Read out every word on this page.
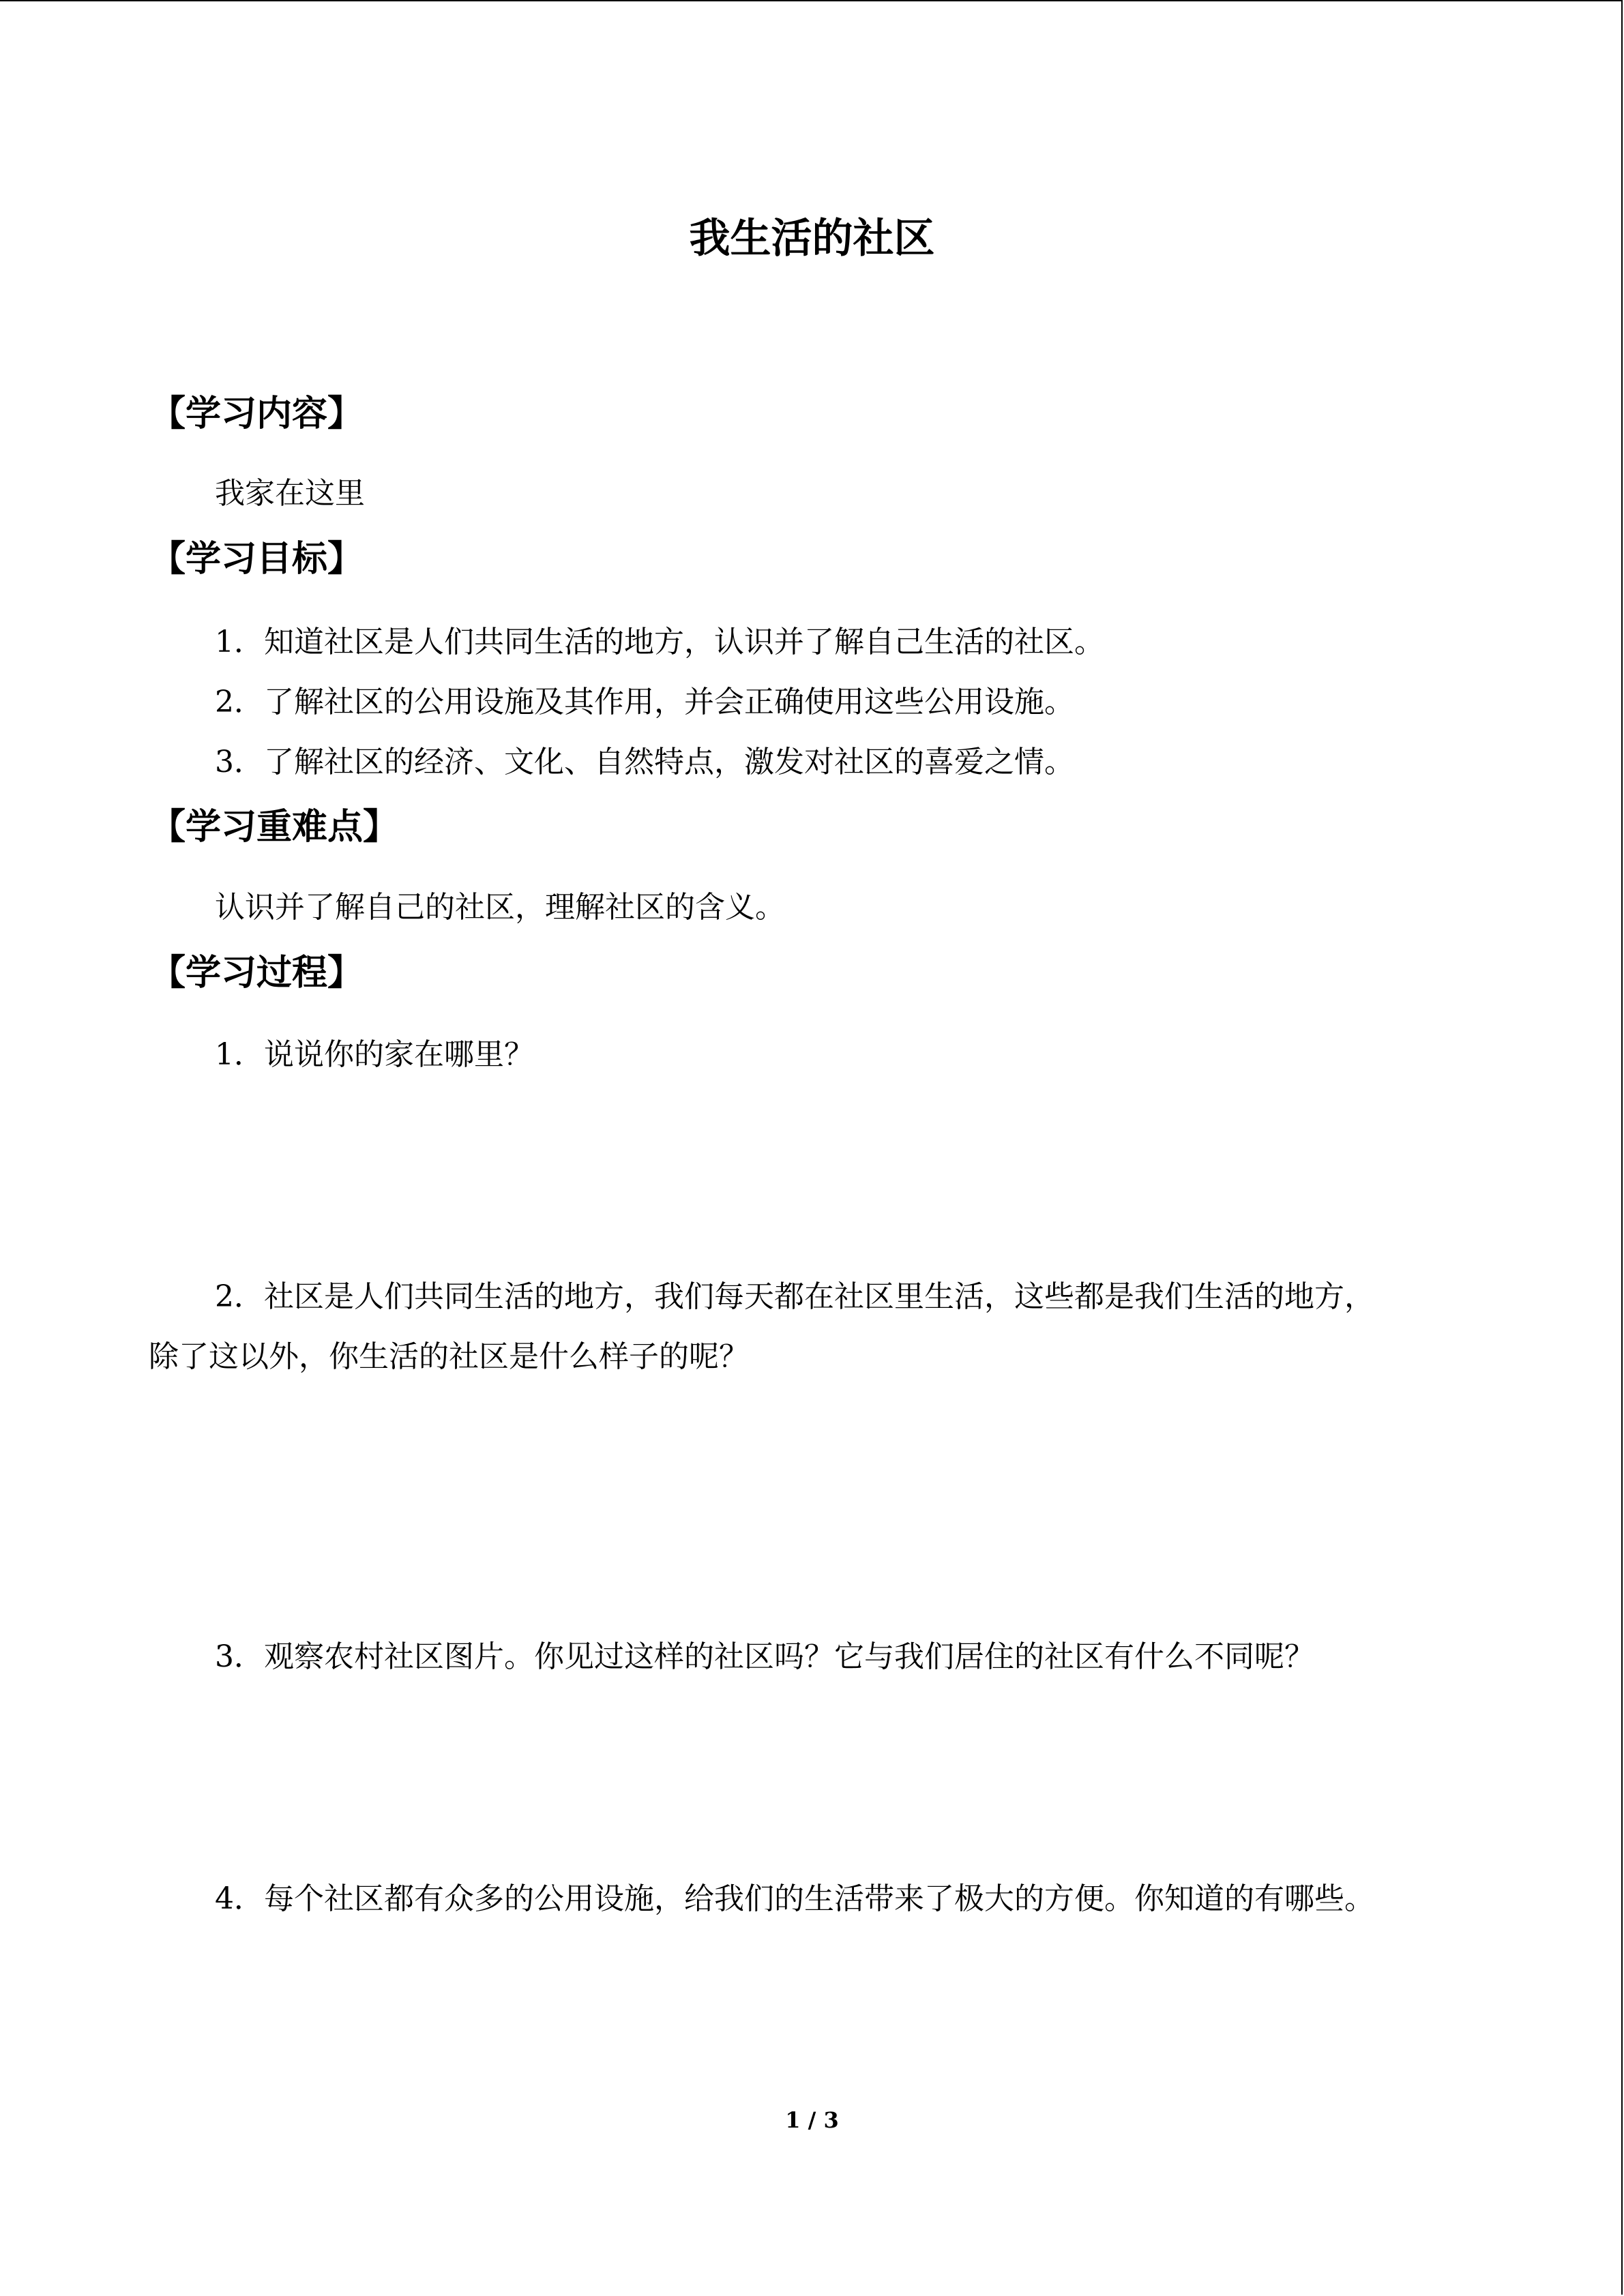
我生活的社区
【学习内容】
我家在这里
【学习目标】
1．知道社区是人们共同生活的地方，认识并了解自己生活的社区。
2．了解社区的公用设施及其作用，并会正确使用这些公用设施。
3．了解社区的经济、文化、自然特点，激发对社区的喜爱之情。
【学习重难点】
认识并了解自己的社区，理解社区的含义。
【学习过程】
1．说说你的家在哪里？
2．社区是人们共同生活的地方，我们每天都在社区里生活，这些都是我们生活的地方，
除了这以外，你生活的社区是什么样子的呢？
3．观察农村社区图片。你见过这样的社区吗？它与我们居住的社区有什么不同呢？
4．每个社区都有众多的公用设施，给我们的生活带来了极大的方便。你知道的有哪些。
1 / 3
